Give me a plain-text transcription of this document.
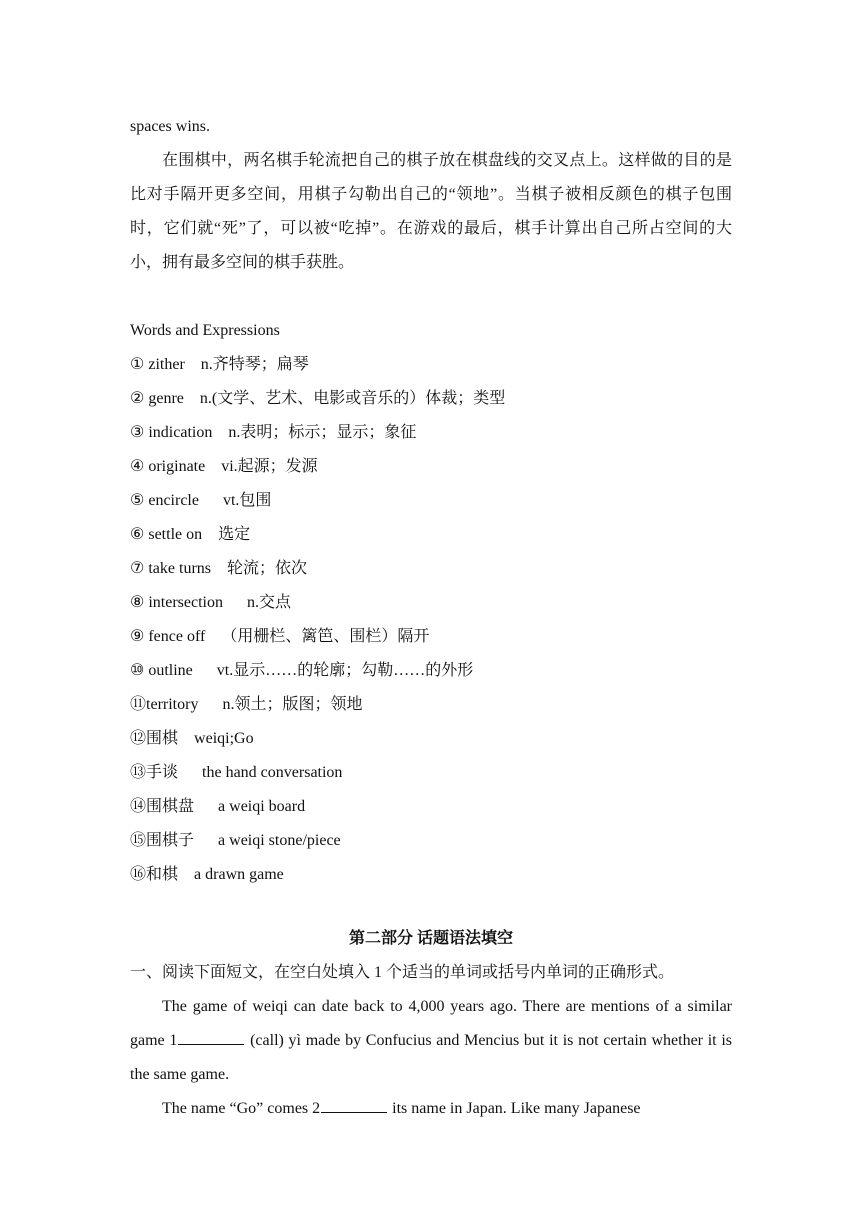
spaces wins.
在围棋中，两名棋手轮流把自己的棋子放在棋盘线的交叉点上。这样做的目的是比对手隔开更多空间，用棋子勾勒出自己的“领地”。当棋子被相反颜色的棋子包围时，它们就“死”了，可以被“吃掉”。在游戏的最后，棋手计算出自己所占空间的大小，拥有最多空间的棋手获胜。
Words and Expressions
① zither n.齐特琴；扁琴
② genre n.(文学、艺术、电影或音乐的）体裁；类型
③ indication n.表明；标示；显示；象征
④ originate vi.起源；发源
⑤ encircle vt.包围
⑥ settle on 选定
⑦ take turns 轮流；依次
⑧ intersection n.交点
⑨ fence off （用栅栏、篱笆、围栏）隔开
⑩ outline vt.显示……的轮廓；勾勒……的外形
⑪territory n.领土；版图；领地
⑫围棋 weiqi;Go
⑬手谈 the hand conversation
⑭围棋盘 a weiqi board
⑮围棋子 a weiqi stone/piece
⑯和棋 a drawn game
第二部分 话题语法填空
一、阅读下面短文，在空白处填入 1 个适当的单词或括号内单词的正确形式。
The game of weiqi can date back to 4,000 years ago. There are mentions of a similar game 1	(call) yì made by Confucius and Mencius but it is not certain whether it is the same game.
The name “Go” comes 2	its name in Japan. Like many Japanese
